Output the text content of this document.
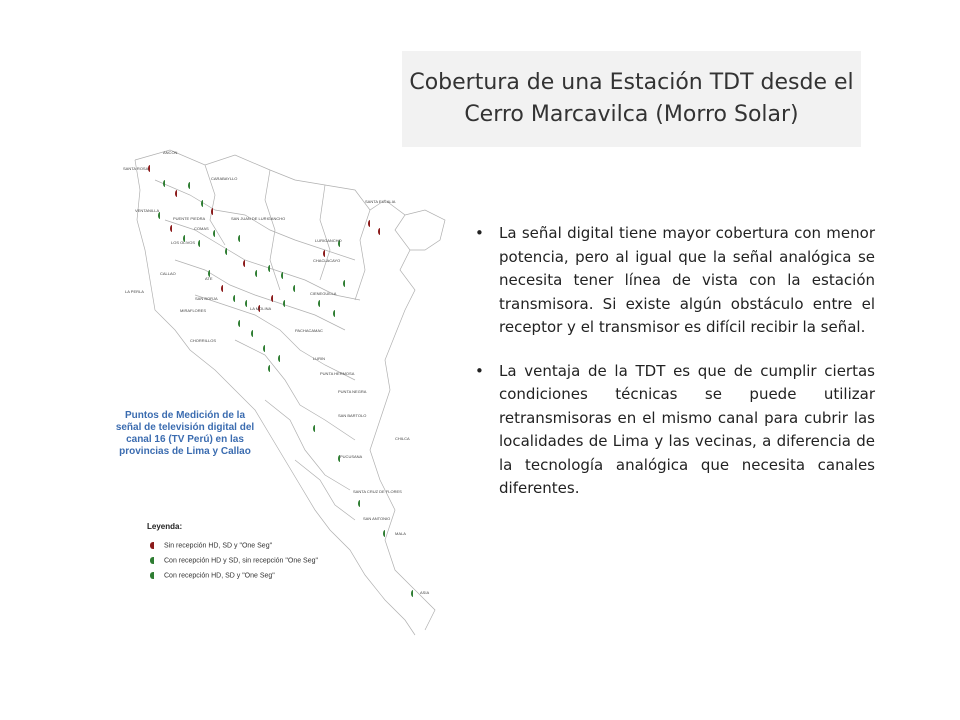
Cobertura de una Estación TDT desde el
Cerro Marcavilca (Morro Solar)
SANTA ROSA
ANCON
CARABAYLLO
VENTANILLA
PUENTE PIEDRA
COMAS
SAN JUAN DE LURIGANCHO
LOS OLIVOS
SANTA EULALIA
LURIGANCHO
CHACLACAYO
CALLAO
LA PERLA
ATE
CIENEGUILLA
LA MOLINA
SAN BORJA
MIRAFLORES
CHORRILLOS
PACHACAMAC
LURIN
PUNTA HERMOSA
PUNTA NEGRA
SAN BARTOLO
CHILCA
PUCUSANA
SANTA CRUZ DE FLORES
SAN ANTONIO
MALA
ASIA
Puntos de Medición de la
señal de televisión digital del
canal 16 (TV Perú) en las
provincias de Lima y Callao
Leyenda:
Sin recepción HD, SD y "One Seg"
Con recepción HD y SD, sin recepción "One Seg"
Con recepción HD, SD y "One Seg"
• La señal digital tiene mayor cobertura con menor potencia, pero al igual que la señal analógica se necesita tener línea de vista con la estación transmisora. Si existe algún obstáculo entre el receptor y el transmisor es difícil recibir la señal.
• La ventaja de la TDT es que de cumplir ciertas condiciones técnicas se puede utilizar retransmisoras en el mismo canal para cubrir las localidades de Lima y las vecinas, a diferencia de la tecnología analógica que necesita canales diferentes.
